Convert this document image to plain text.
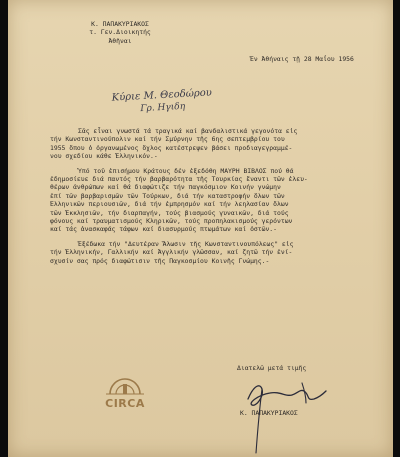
Κ. ΠΑΠΑΚΥΡΙΑΚΟΣ
τ. Γεν.Διοικητής
Ἀθῆναι
Ἐν Ἀθήναις τῇ 28 Μαΐου 1956
Κύριε Μ. Θεοδώρου
Γρ. Ηγιδη
Σᾶς εἶναι γνωστά τά τραγικά καί βανδαλιστικά γεγονότα εἰς
τήν Κωνσταντινούπολιν καί τήν Σμύρνην τῆς 6ης σεπτεμβρίου του
1955 ὅπου ὁ ὀργανωμένος ὄχλος κατέστρεψεν βάσει προδιαγεγραμμέ-
νου σχεδίου κάθε Ἑλληνικόν.-
Ὑπό τοῦ ἐπισήμου Κράτους δέν ἐξεδόθη ΜΑΥΡΗ ΒΙΒΛΟΣ πού θά
ἐδημοσίευε διά παντός τήν βαρβαρότητα τῆς Τουρκίας ἔναντι τῶν ἐλευ-
θέρων ἀνθρώπων καί θά διαφώτιζε τήν παγκόσμιον Κοινήν γνώμην
ἐπί τῶν βαρβαρισμῶν τῶν Τούρκων, διά τήν καταστροφήν ὅλων τῶν
Ἑλληνικῶν περιουσιῶν, διά τήν ἐμπρησμόν καί τήν λεηλασίαν ὅλων
τῶν Ἐκκλησιῶν, τήν διαρπαγήν, τούς βιασμούς γυναικῶν, διά τούς
φόνους καί τραυματισμούς Κληρικῶν, τούς προπηλακισμούς γερόντων
καί τάς ἀνασκαφάς τάφων καί διασυρμούς πτωμάτων καί ὀστῶν.-
Ἐξέδωκα τήν "Δευτέραν Ἅλωσιν τῆς Κωνσταντινουπόλεως" εἰς
τήν Ἑλληνικήν, Γαλλικήν καί Ἀγγλικήν γλῶσσαν, καί ζητῶ τήν ἐνί-
σχυσίν σας πρός διαφώτισιν τῆς Παγκοσμίου Κοινῆς Γνώμης.-
CIRCA
Διατελῶ μετά τιμῆς
Κ. ΠΑΠΑΚΥΡΙΑΚΟΣ
